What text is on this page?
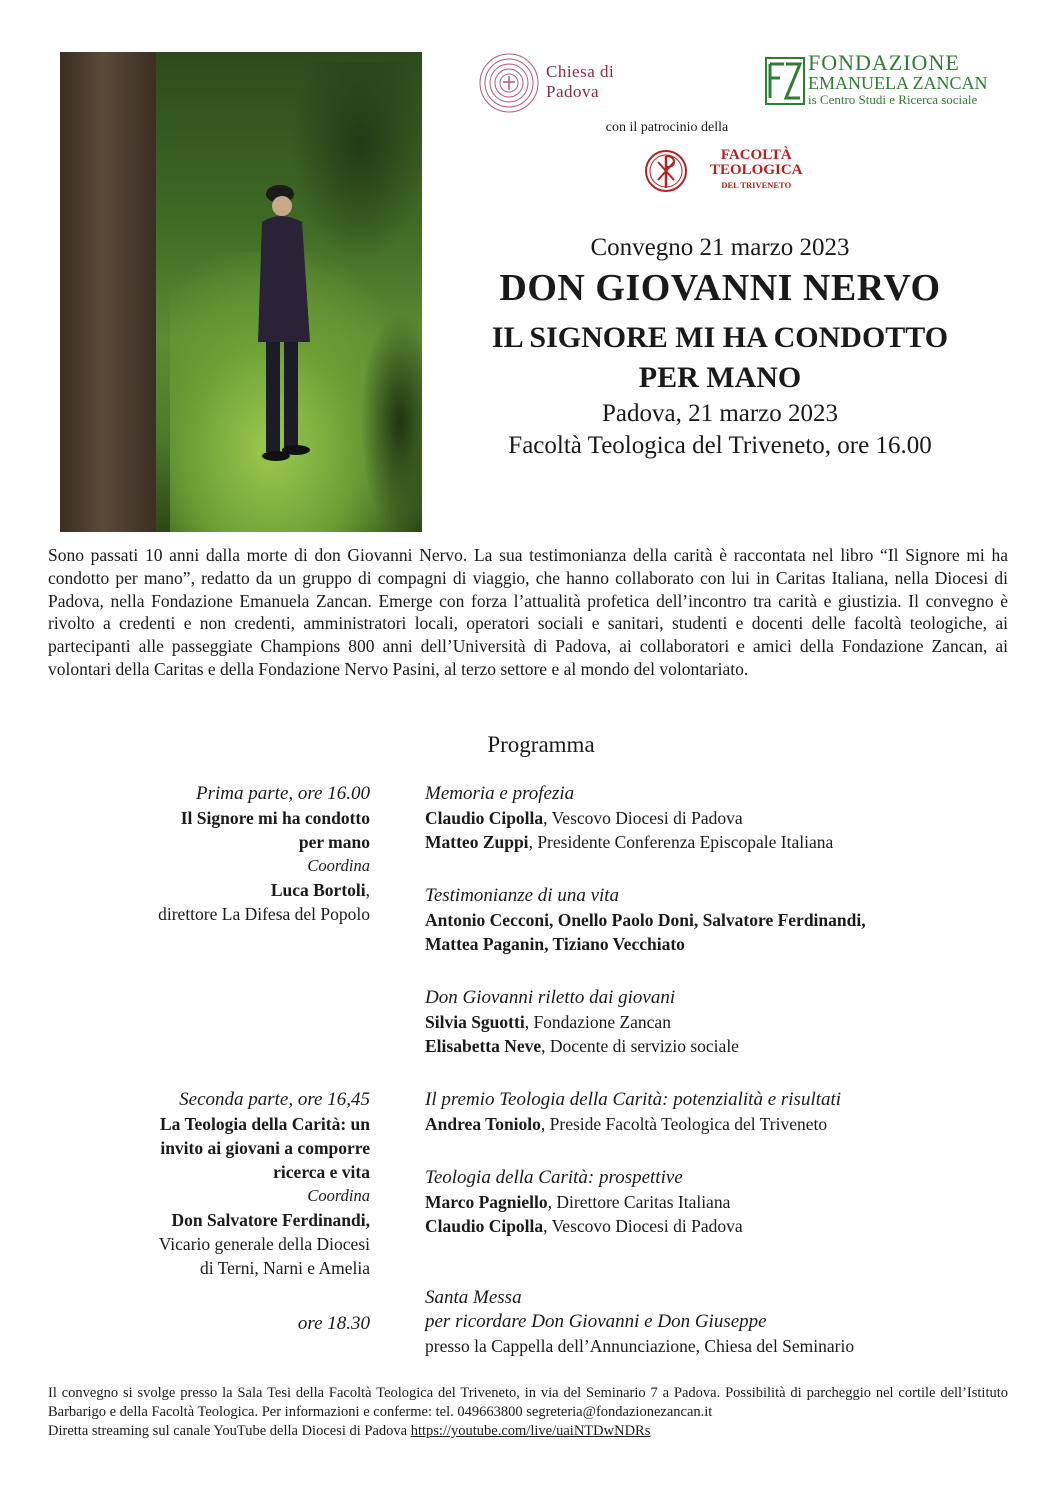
Chiesa di
Padova
FONDAZIONE
EMANUELA ZANCAN
is Centro Studi e Ricerca sociale
con il patrocinio della
FACOLTÀ
TEOLOGICA
DEL TRIVENETO
Convegno 21 marzo 2023
DON GIOVANNI NERVO
IL SIGNORE MI HA CONDOTTO
PER MANO
Padova, 21 marzo 2023
Facoltà Teologica del Triveneto, ore 16.00
Sono passati 10 anni dalla morte di don Giovanni Nervo. La sua testimonianza della carità è raccontata nel libro “Il Signore mi ha condotto per mano”, redatto da un gruppo di compagni di viaggio, che hanno collaborato con lui in Caritas Italiana, nella Diocesi di Padova, nella Fondazione Emanuela Zancan. Emerge con forza l’attualità profetica dell’incontro tra carità e giustizia. Il convegno è rivolto a credenti e non credenti, amministratori locali, operatori sociali e sanitari, studenti e docenti delle facoltà teologiche, ai partecipanti alle passeggiate Champions 800 anni dell’Università di Padova, ai collaboratori e amici della Fondazione Zancan, ai volontari della Caritas e della Fondazione Nervo Pasini, al terzo settore e al mondo del volontariato.
Programma
Prima parte, ore 16.00
Il Signore mi ha condotto
per mano
Coordina
Luca Bortoli,
direttore La Difesa del Popolo
Seconda parte, ore 16,45
La Teologia della Carità: un
invito ai giovani a comporre
ricerca e vita
Coordina
Don Salvatore Ferdinandi,
Vicario generale della Diocesi
di Terni, Narni e Amelia
ore 18.30
Memoria e profezia
Claudio Cipolla, Vescovo Diocesi di Padova
Matteo Zuppi, Presidente Conferenza Episcopale Italiana
Testimonianze di una vita
Antonio Cecconi, Onello Paolo Doni, Salvatore Ferdinandi,
Mattea Paganin, Tiziano Vecchiato
Don Giovanni riletto dai giovani
Silvia Sguotti, Fondazione Zancan
Elisabetta Neve, Docente di servizio sociale
Il premio Teologia della Carità: potenzialità e risultati
Andrea Toniolo, Preside Facoltà Teologica del Triveneto
Teologia della Carità: prospettive
Marco Pagniello, Direttore Caritas Italiana
Claudio Cipolla, Vescovo Diocesi di Padova
Santa Messa
per ricordare Don Giovanni e Don Giuseppe
presso la Cappella dell’Annunciazione, Chiesa del Seminario
Il convegno si svolge presso la Sala Tesi della Facoltà Teologica del Triveneto, in via del Seminario 7 a Padova. Possibilità di parcheggio nel cortile dell’Istituto Barbarigo e della Facoltà Teologica. Per informazioni e conferme: tel. 049663800 segreteria@fondazionezancan.it
Diretta streaming sul canale YouTube della Diocesi di Padova https://youtube.com/live/uaiNTDwNDRs
